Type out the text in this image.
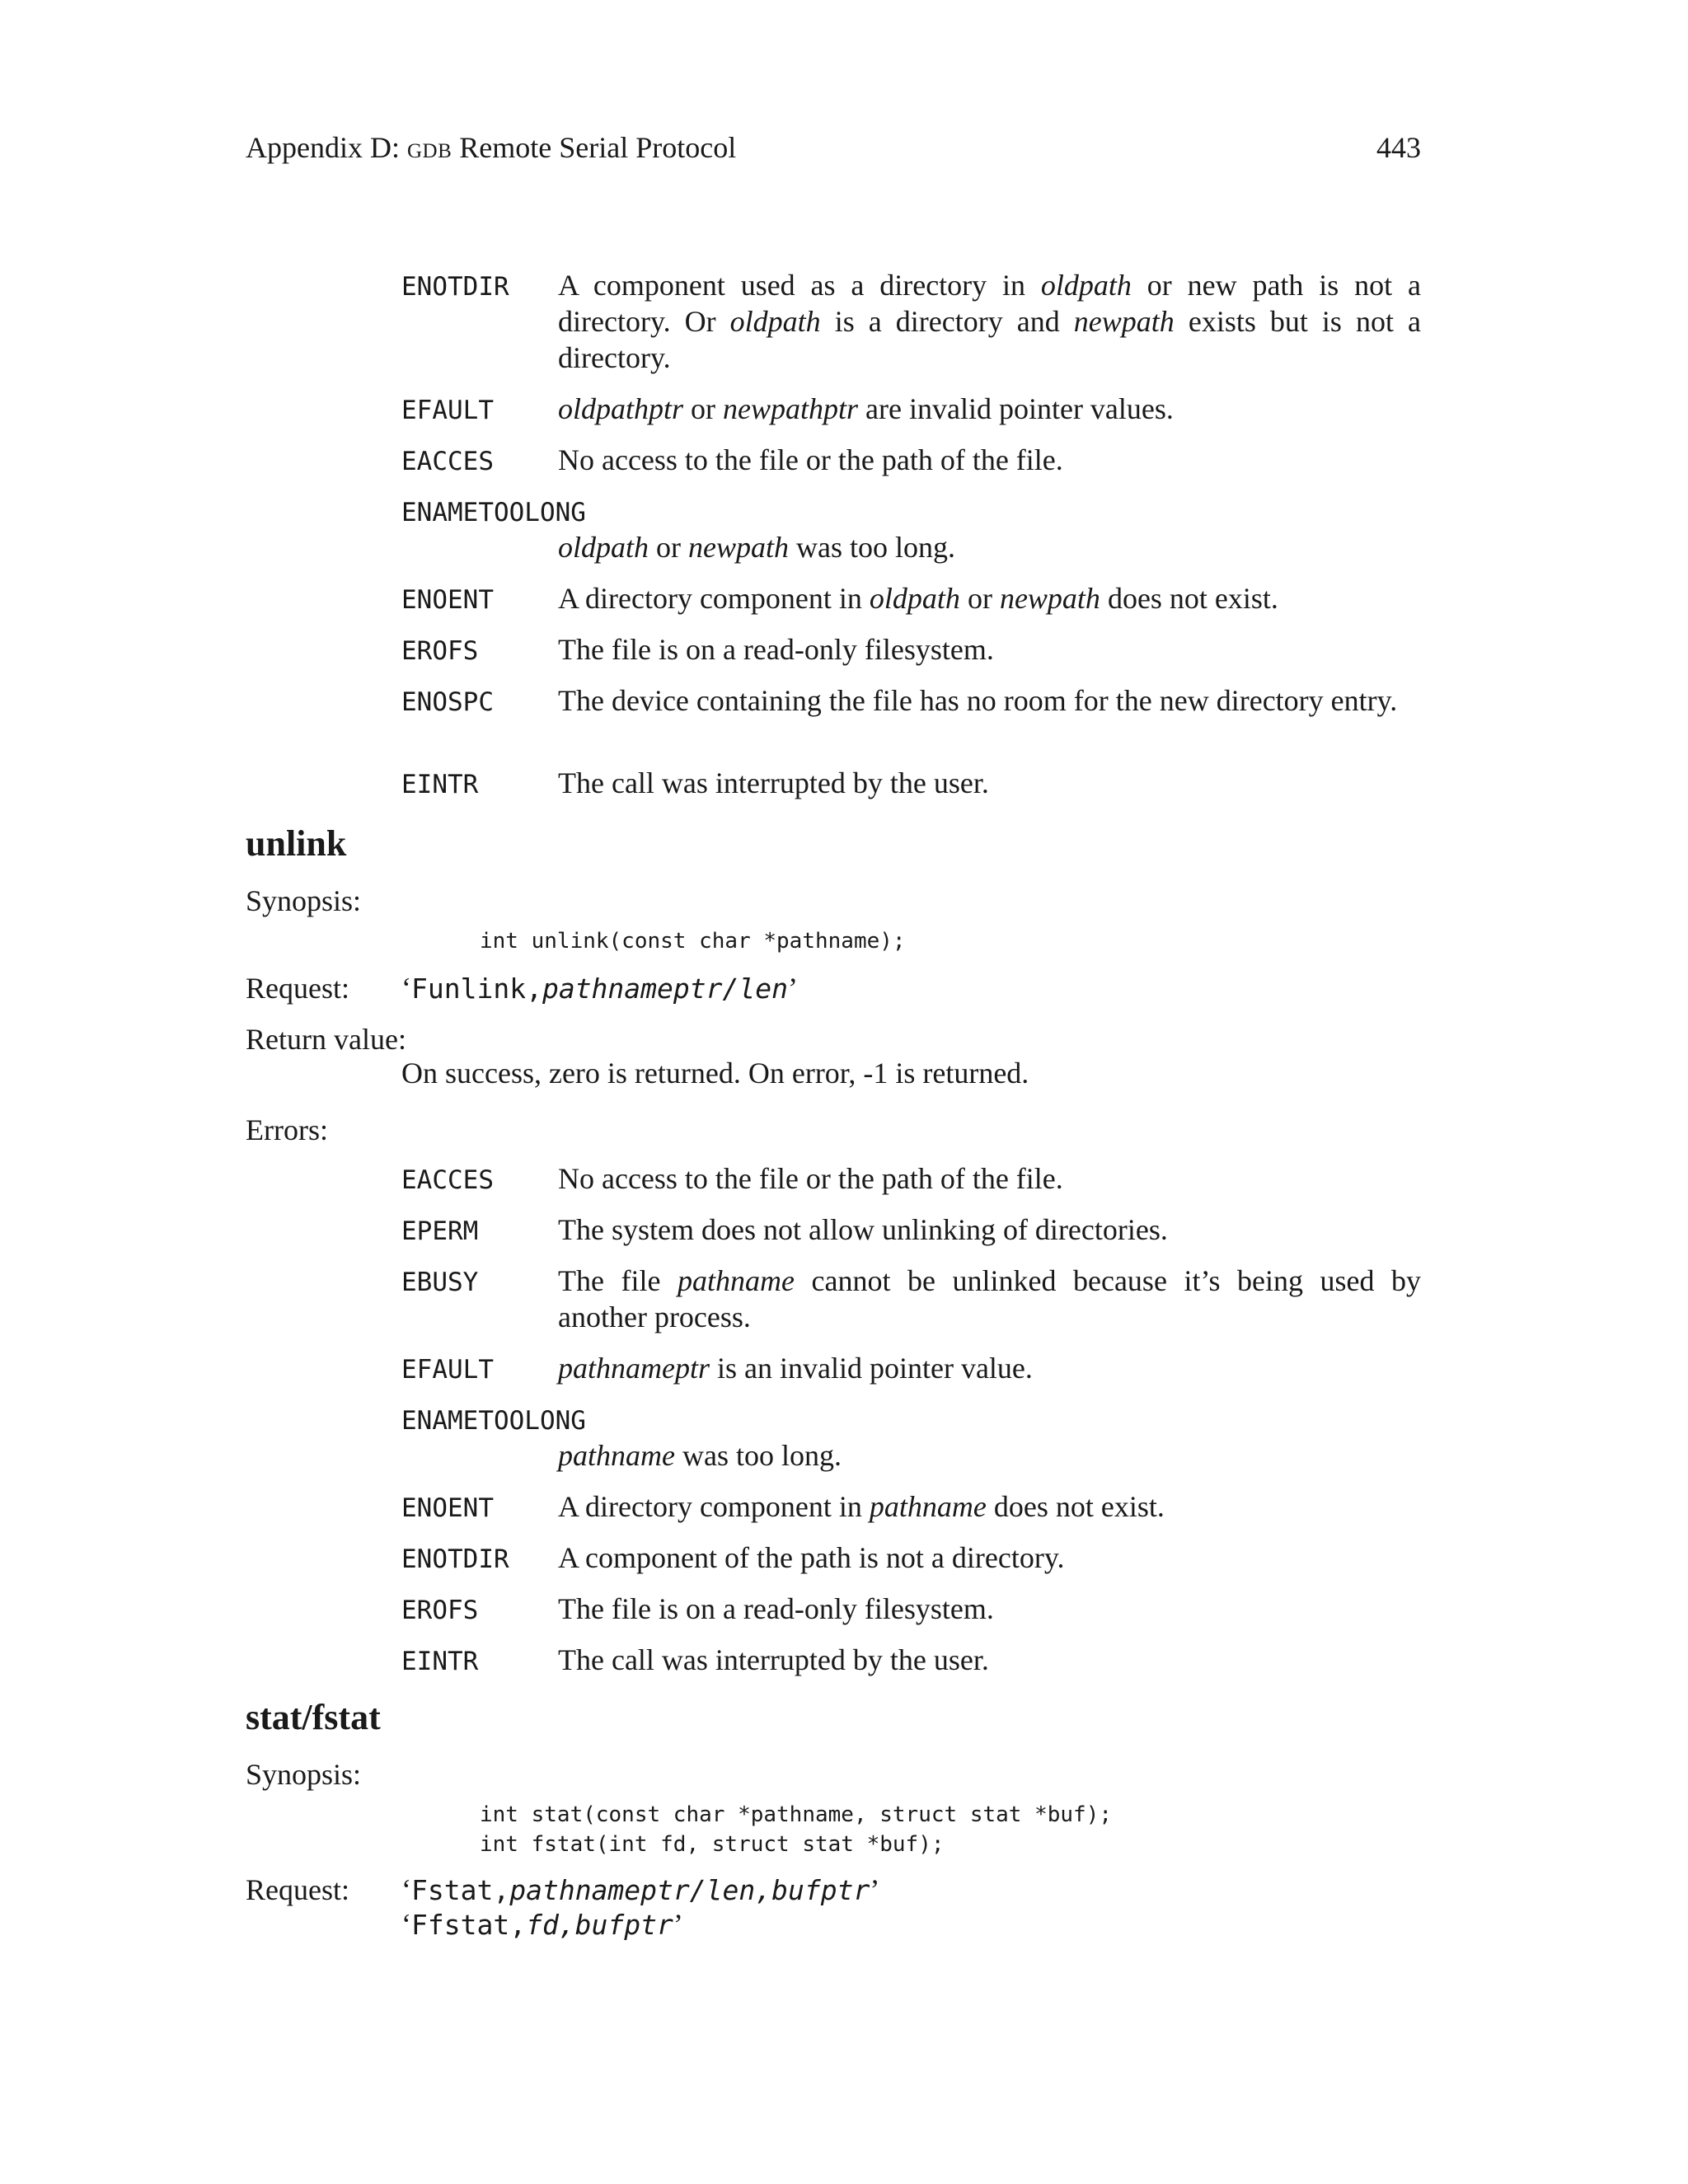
Appendix D: gdb Remote Serial Protocol	443
ENOTDIR A component used as a directory in oldpath or new path is not a directory. Or oldpath is a directory and newpath exists but is not a directory.
EFAULT oldpathptr or newpathptr are invalid pointer values.
EACCES No access to the file or the path of the file.
ENAMETOOLONG
oldpath or newpath was too long.
ENOENT A directory component in oldpath or newpath does not exist.
EROFS	The file is on a read-only filesystem.
ENOSPC The device containing the file has no room for the new directory entry.
EINTR	The call was interrupted by the user.
unlink
Synopsis:
int unlink(const char *pathname);
Request: ‘Funlink,pathnameptr/len’
Return value:
On success, zero is returned. On error, -1 is returned.
Errors:
EACCES No access to the file or the path of the file.
EPERM	The system does not allow unlinking of directories.
EBUSY	The file pathname cannot be unlinked because it’s being used by another process.
EFAULT pathnameptr is an invalid pointer value.
ENAMETOOLONG
pathname was too long.
ENOENT A directory component in pathname does not exist.
ENOTDIR A component of the path is not a directory.
EROFS	The file is on a read-only filesystem.
EINTR	The call was interrupted by the user.
stat/fstat
Synopsis:
int stat(const char *pathname, struct stat *buf);
int fstat(int fd, struct stat *buf);
Request: ‘Fstat,pathnameptr/len,bufptr’
‘Ffstat,fd,bufptr’
